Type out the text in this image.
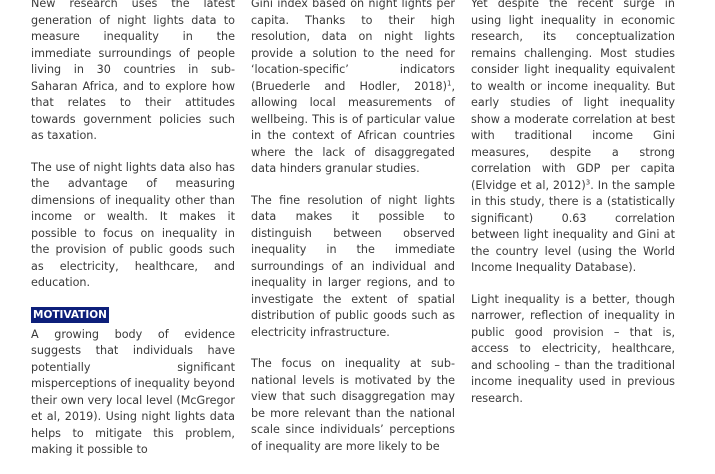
New research uses the latest generation of night lights data to measure inequality in the immediate surroundings of people living in 30 countries in sub-Saharan Africa, and to explore how that relates to their attitudes towards government policies such as taxation.

The use of night lights data also has the advantage of measuring dimensions of inequality other than income or wealth. It makes it possible to focus on inequality in the provision of public goods such as electricity, healthcare, and education.

MOTIVATION

A growing body of evidence suggests that individuals have potentially significant misperceptions of inequality beyond their own very local level (McGregor et al, 2019). Using night lights data helps to mitigate this problem, making it possible to

Gini index based on night lights per capita. Thanks to their high resolution, data on night lights provide a solution to the need for ‘location-specific’ indicators (Bruederle and Hodler, 2018)$^1$, allowing local measurements of wellbeing. This is of particular value in the context of African countries where the lack of disaggregated data hinders granular studies.

The fine resolution of night lights data makes it possible to distinguish between observed inequality in the immediate surroundings of an individual and inequality in larger regions, and to investigate the extent of spatial distribution of public goods such as electricity infrastructure.

The focus on inequality at sub-national levels is motivated by the view that such disaggregation may be more relevant than the national scale since individuals’ perceptions of inequality are more likely to be

Yet despite the recent surge in using light inequality in economic research, its conceptualization remains challenging. Most studies consider light inequality equivalent to wealth or income inequality. But early studies of light inequality show a moderate correlation at best with traditional income Gini measures, despite a strong correlation with GDP per capita (Elvidge et al, 2012)$^3$. In the sample in this study, there is a (statistically significant) 0.63 correlation between light inequality and Gini at the country level (using the World Income Inequality Database).

Light inequality is a better, though narrower, reflection of inequality in public good provision – that is, access to electricity, healthcare, and schooling – than the traditional income inequality used in previous research.
